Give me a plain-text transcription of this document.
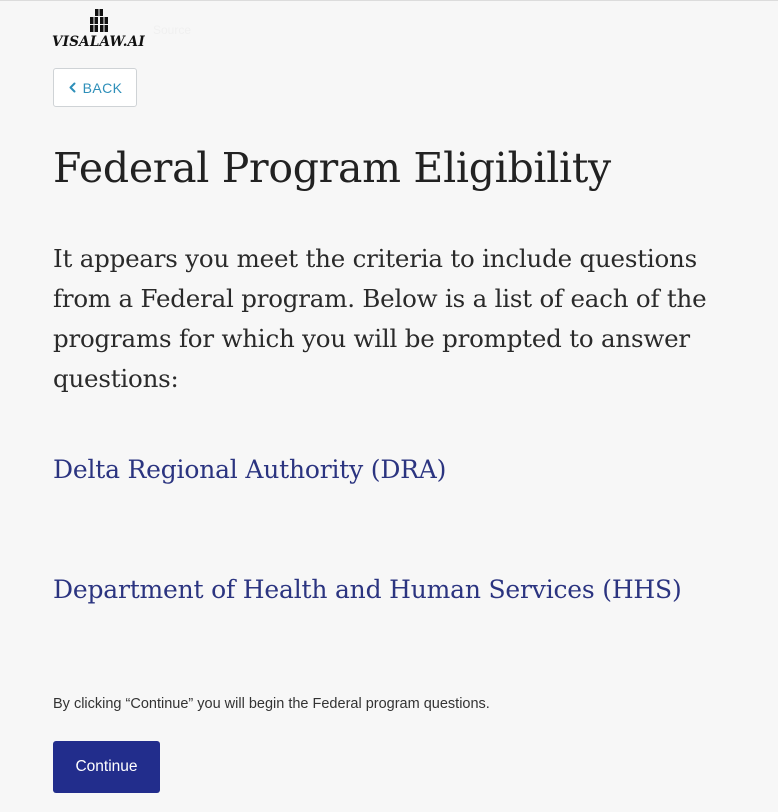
VISALAW.AI
Source
BACK
Federal Program Eligibility

It appears you meet the criteria to include questions from a Federal program. Below is a list of each of the programs for which you will be prompted to answer questions:

Delta Regional Authority (DRA)
Department of Health and Human Services (HHS)

By clicking “Continue” you will begin the Federal program questions.

Continue
